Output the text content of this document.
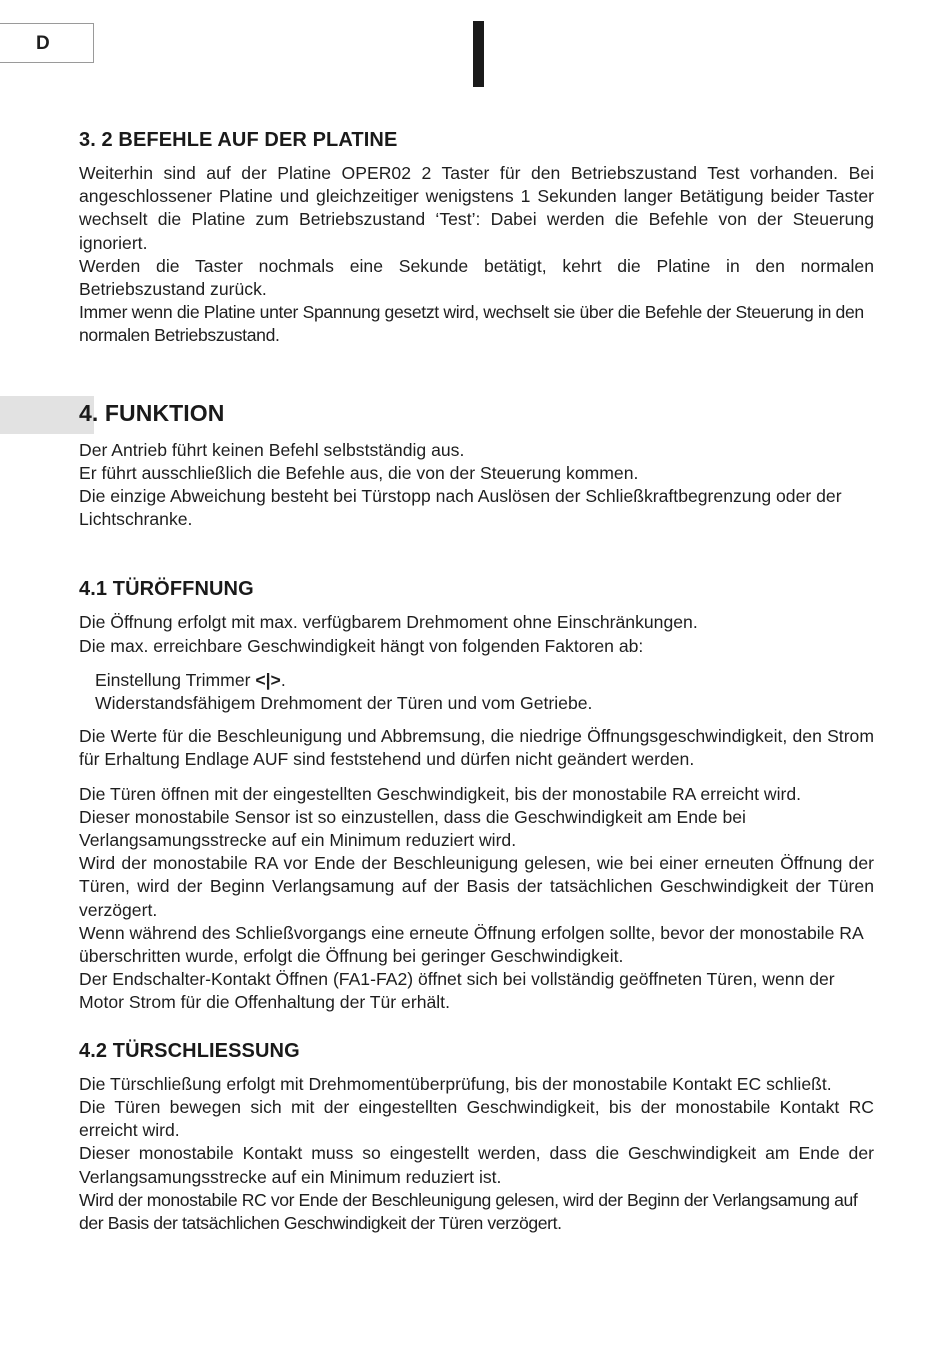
D
3. 2 BEFEHLE AUF DER PLATINE

Weiterhin sind auf der Platine OPER02 2 Taster für den Betriebszustand Test vorhanden. Bei angeschlossener Platine und gleichzeitiger wenigstens 1 Sekunden langer Betätigung beider Taster wechselt die Platine zum Betriebszustand ‘Test’: Dabei werden die Befehle von der Steuerung ignoriert.

Werden die Taster nochmals eine Sekunde betätigt, kehrt die Platine in den normalen Betriebszustand zurück.

Immer wenn die Platine unter Spannung gesetzt wird, wechselt sie über die Befehle der Steuerung in den normalen Betriebszustand.

4. FUNKTION

Der Antrieb führt keinen Befehl selbstständig aus.

Er führt ausschließlich die Befehle aus, die von der Steuerung kommen.

Die einzige Abweichung besteht bei Türstopp nach Auslösen der Schließkraftbegrenzung oder der Lichtschranke.

4.1 TÜRÖFFNUNG

Die Öffnung erfolgt mit max. verfügbarem Drehmoment ohne Einschränkungen.

Die max. erreichbare Geschwindigkeit hängt von folgenden Faktoren ab:

Einstellung Trimmer <|>.

Widerstandsfähigem Drehmoment der Türen und vom Getriebe.

Die Werte für die Beschleunigung und Abbremsung, die niedrige Öffnungsgeschwindigkeit, den Strom für Erhaltung Endlage AUF sind feststehend und dürfen nicht geändert werden.

Die Türen öffnen mit der eingestellten Geschwindigkeit, bis der monostabile RA erreicht wird.

Dieser monostabile Sensor ist so einzustellen, dass die Geschwindigkeit am Ende bei Verlangsamungsstrecke auf ein Minimum reduziert wird.

Wird der monostabile RA vor Ende der Beschleunigung gelesen, wie bei einer erneuten Öffnung der Türen, wird der Beginn Verlangsamung auf der Basis der tatsächlichen Geschwindigkeit der Türen verzögert.

Wenn während des Schließvorgangs eine erneute Öffnung erfolgen sollte, bevor der monostabile RA überschritten wurde, erfolgt die Öffnung bei geringer Geschwindigkeit.

Der Endschalter-Kontakt Öffnen (FA1-FA2) öffnet sich bei vollständig geöffneten Türen, wenn der Motor Strom für die Offenhaltung der Tür erhält.

4.2 TÜRSCHLIESSUNG

Die Türschließung erfolgt mit Drehmomentüberprüfung, bis der monostabile Kontakt EC schließt.

Die Türen bewegen sich mit der eingestellten Geschwindigkeit, bis der monostabile Kontakt RC erreicht wird.

Dieser monostabile Kontakt muss so eingestellt werden, dass die Geschwindigkeit am Ende der Verlangsamungsstrecke auf ein Minimum reduziert ist.

Wird der monostabile RC vor Ende der Beschleunigung gelesen, wird der Beginn der Verlangsamung auf der Basis der tatsächlichen Geschwindigkeit der Türen verzögert.
